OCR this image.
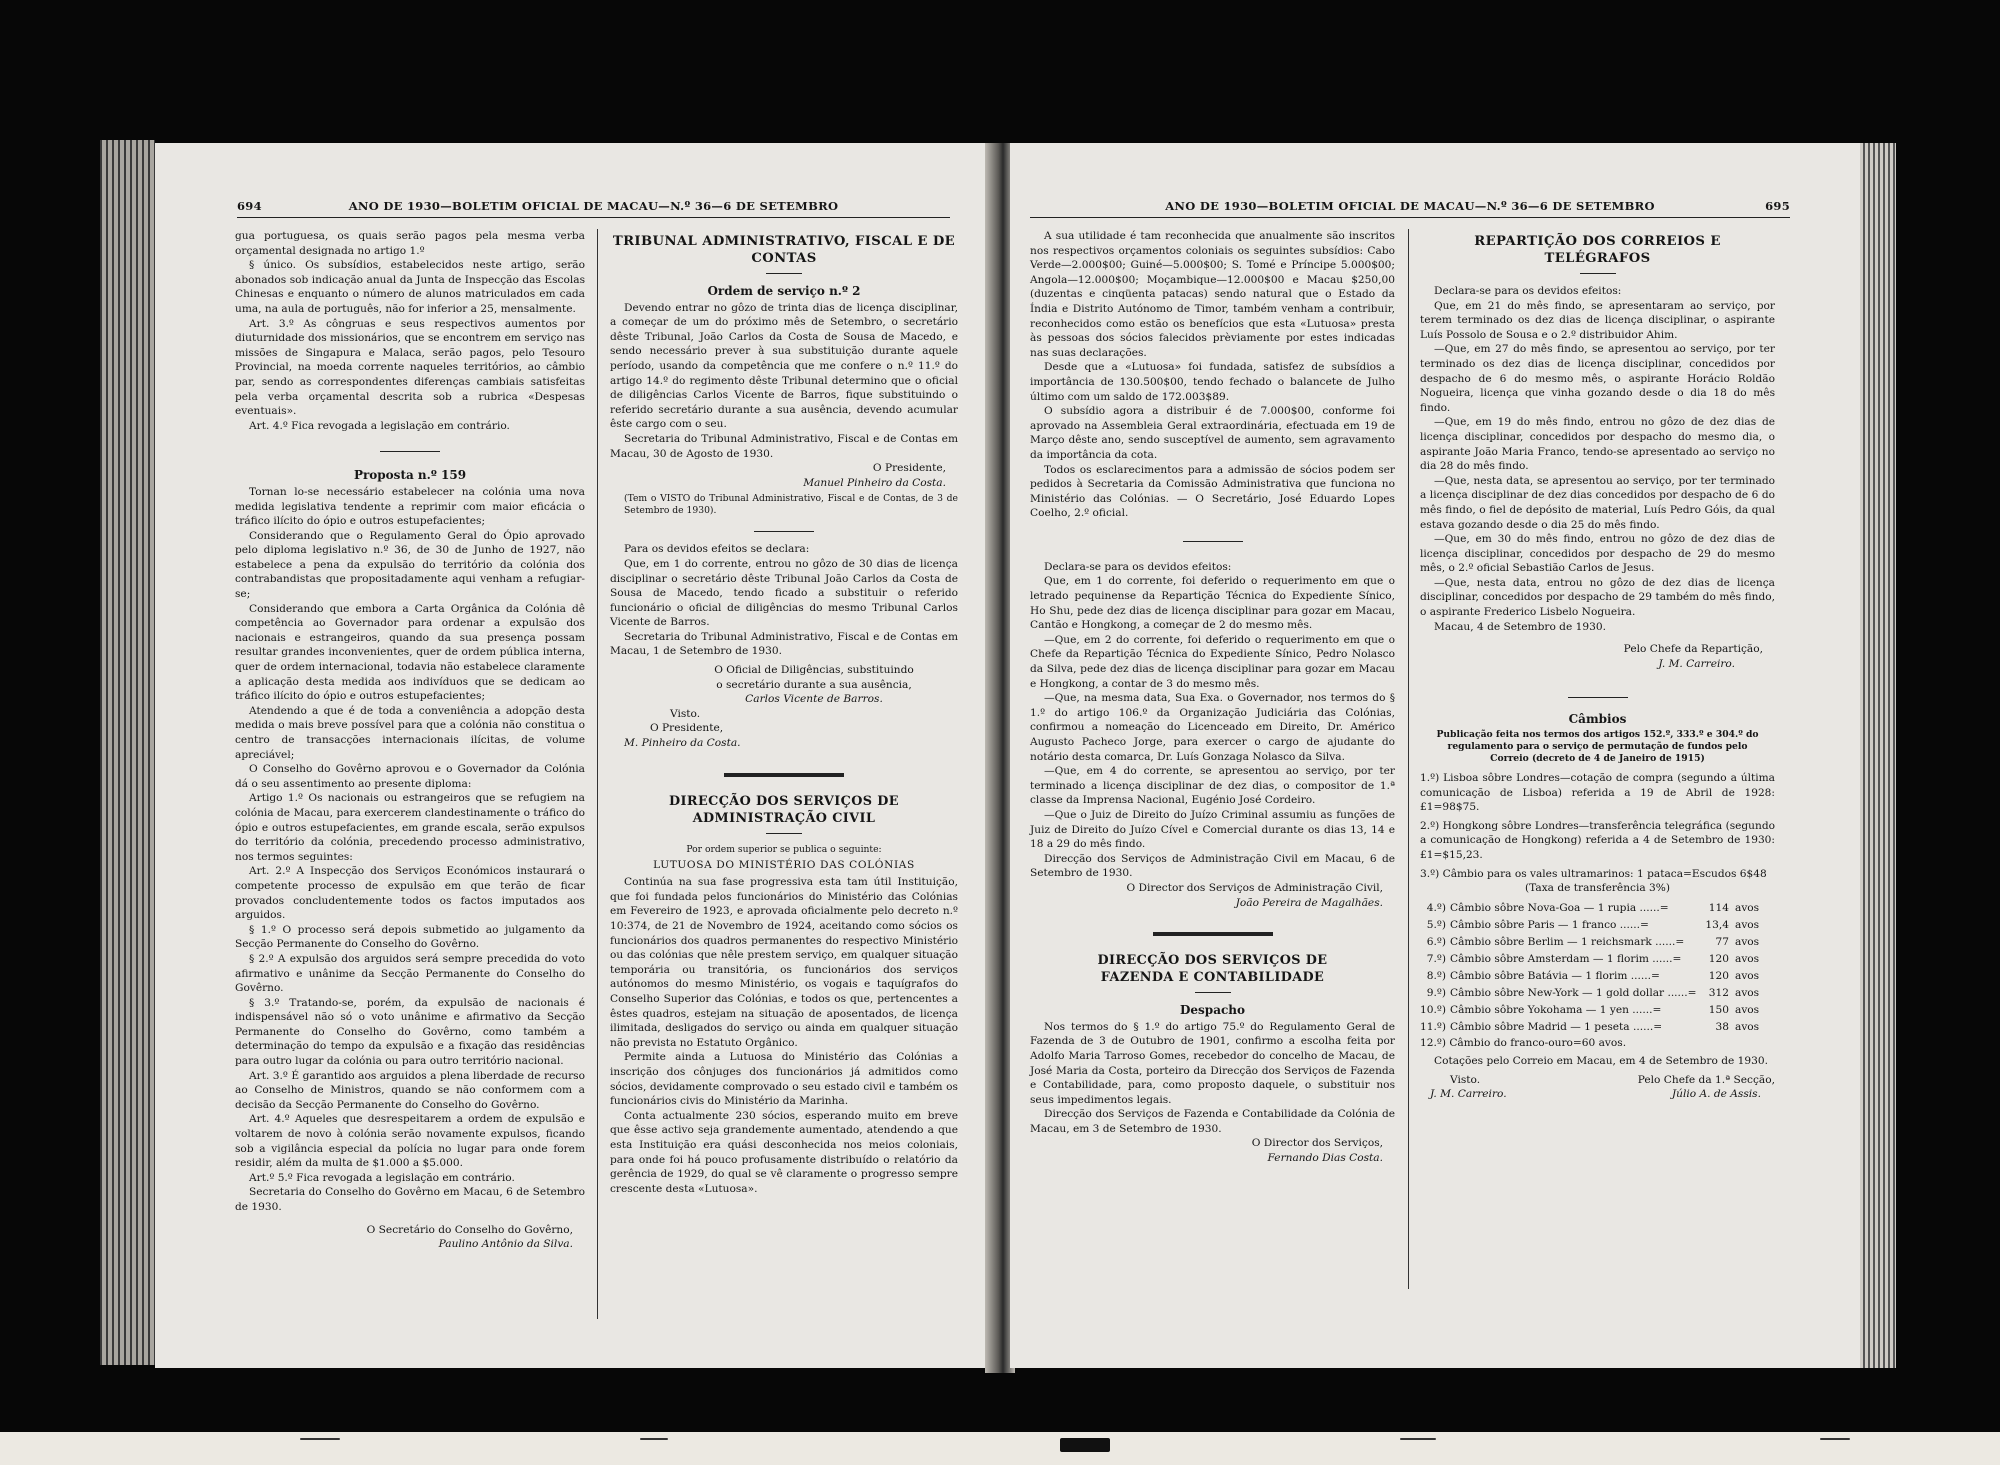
694	ANO DE 1930—BOLETIM OFICIAL DE MACAU—N.º 36—6 DE SETEMBRO

gua portuguesa, os quais serão pagos pela mesma verba orçamental designada no artigo 1.º

§ único. Os subsídios, estabelecidos neste artigo, serão abonados sob indicação anual da Junta de Inspecção das Escolas Chinesas e enquanto o número de alunos matriculados em cada uma, na aula de português, não for inferior a 25, mensalmente.

Art. 3.º As côngruas e seus respectivos aumentos por diuturnidade dos missionários, que se encontrem em serviço nas missões de Singapura e Malaca, serão pagos, pelo Tesouro Provincial, na moeda corrente naqueles territórios, ao câmbio par, sendo as correspondentes diferenças cambiais satisfeitas pela verba orçamental descrita sob a rubrica «Despesas eventuais».

Art. 4.º Fica revogada a legislação em contrário.

Proposta n.º 159

Tornan lo-se necessário estabelecer na colónia uma nova medida legislativa tendente a reprimir com maior eficácia o tráfico ilícito do ópio e outros estupefacientes;

Considerando que o Regulamento Geral do Ópio aprovado pelo diploma legislativo n.º 36, de 30 de Junho de 1927, não estabelece a pena da expulsão do território da colónia dos contrabandistas que propositadamente aqui venham a refugiar-se;

Considerando que embora a Carta Orgânica da Colónia dê competência ao Governador para ordenar a expulsão dos nacionais e estrangeiros, quando da sua presença possam resultar grandes inconvenientes, quer de ordem pública interna, quer de ordem internacional, todavia não estabelece claramente a aplicação desta medida aos indivíduos que se dedicam ao tráfico ilícito do ópio e outros estupefacientes;

Atendendo a que é de toda a conveniência a adopção desta medida o mais breve possível para que a colónia não constitua o centro de transacções internacionais ilícitas, de volume apreciável;

O Conselho do Govêrno aprovou e o Governador da Colónia dá o seu assentimento ao presente diploma:

Artigo 1.º Os nacionais ou estrangeiros que se refugiem na colónia de Macau, para exercerem clandestinamente o tráfico do ópio e outros estupefacientes, em grande escala, serão expulsos do território da colónia, precedendo processo administrativo, nos termos seguintes:

Art. 2.º A Inspecção dos Serviços Económicos instaurará o competente processo de expulsão em que terão de ficar provados concludentemente todos os factos imputados aos arguidos.

§ 1.º O processo será depois submetido ao julgamento da Secção Permanente do Conselho do Govêrno.

§ 2.º A expulsão dos arguidos será sempre precedida do voto afirmativo e unânime da Secção Permanente do Conselho do Govêrno.

§ 3.º Tratando-se, porém, da expulsão de nacionais é indispensável não só o voto unânime e afirmativo da Secção Permanente do Conselho do Govêrno, como também a determinação do tempo da expulsão e a fixação das residências para outro lugar da colónia ou para outro território nacional.

Art. 3.º É garantido aos arguidos a plena liberdade de recurso ao Conselho de Ministros, quando se não conformem com a decisão da Secção Permanente do Conselho do Govêrno.

Art. 4.º Aqueles que desrespeitarem a ordem de expulsão e voltarem de novo à colónia serão novamente expulsos, ficando sob a vigilância especial da polícia no lugar para onde forem residir, além da multa de $1.000 a $5.000.

Art.º 5.º Fica revogada a legislação em contrário.

Secretaria do Conselho do Govêrno em Macau, 6 de Setembro de 1930.

O Secretário do Conselho do Govêrno,

Paulino Antônio da Silva.

TRIBUNAL ADMINISTRATIVO, FISCAL E DE CONTAS

Ordem de serviço n.º 2

Devendo entrar no gôzo de trinta dias de licença disciplinar, a começar de um do próximo mês de Setembro, o secretário dêste Tribunal, João Carlos da Costa de Sousa de Macedo, e sendo necessário prever à sua substituição durante aquele período, usando da competência que me confere o n.º 11.º do artigo 14.º do regimento dêste Tribunal determino que o oficial de diligências Carlos Vicente de Barros, fique substituindo o referido secretário durante a sua ausência, devendo acumular êste cargo com o seu.

Secretaria do Tribunal Administrativo, Fiscal e de Contas em Macau, 30 de Agosto de 1930.

O Presidente,

Manuel Pinheiro da Costa.

(Tem o VISTO do Tribunal Administrativo, Fiscal e de Contas, de 3 de Setembro de 1930).

Para os devidos efeitos se declara:

Que, em 1 do corrente, entrou no gôzo de 30 dias de licença disciplinar o secretário dêste Tribunal João Carlos da Costa de Sousa de Macedo, tendo ficado a substituir o referido funcionário o oficial de diligências do mesmo Tribunal Carlos Vicente de Barros.

Secretaria do Tribunal Administrativo, Fiscal e de Contas em Macau, 1 de Setembro de 1930.

O Oficial de Diligências, substituindo

o secretário durante a sua ausência,

Carlos Vicente de Barros.

Visto.

O Presidente,

M. Pinheiro da Costa.

DIRECÇÃO DOS SERVIÇOS DE ADMINISTRAÇÃO CIVIL

Por ordem superior se publica o seguinte:

LUTUOSA DO MINISTÉRIO DAS COLÓNIAS

Continúa na sua fase progressiva esta tam útil Instituição, que foi fundada pelos funcionários do Ministério das Colónias em Fevereiro de 1923, e aprovada oficialmente pelo decreto n.º 10:374, de 21 de Novembro de 1924, aceitando como sócios os funcionários dos quadros permanentes do respectivo Ministério ou das colónias que nêle prestem serviço, em qualquer situação temporária ou transitória, os funcionários dos serviços autónomos do mesmo Ministério, os vogais e taquígrafos do Conselho Superior das Colónias, e todos os que, pertencentes a êstes quadros, estejam na situação de aposentados, de licença ilimitada, desligados do serviço ou ainda em qualquer situação não prevista no Estatuto Orgânico.

Permite ainda a Lutuosa do Ministério das Colónias a inscrição dos cônjuges dos funcionários já admitidos como sócios, devidamente comprovado o seu estado civil e também os funcionários civis do Ministério da Marinha.

Conta actualmente 230 sócios, esperando muito em breve que êsse activo seja grandemente aumentado, atendendo a que esta Instituição era quási desconhecida nos meios coloniais, para onde foi há pouco profusamente distribuído o relatório da gerência de 1929, do qual se vê claramente o progresso sempre crescente desta «Lutuosa».

ANO DE 1930—BOLETIM OFICIAL DE MACAU—N.º 36—6 DE SETEMBRO	695

A sua utilidade é tam reconhecida que anualmente são inscritos nos respectivos orçamentos coloniais os seguintes subsídios: Cabo Verde—2.000$00; Guiné—5.000$00; S. Tomé e Príncipe 5.000$00; Angola—12.000$00; Moçambique—12.000$00 e Macau $250,00 (duzentas e cinqüenta patacas) sendo natural que o Estado da Índia e Distrito Autónomo de Timor, também venham a contribuir, reconhecidos como estão os benefícios que esta «Lutuosa» presta às pessoas dos sócios falecidos prèviamente por estes indicadas nas suas declarações.

Desde que a «Lutuosa» foi fundada, satisfez de subsídios a importância de 130.500$00, tendo fechado o balancete de Julho último com um saldo de 172.003$89.

O subsídio agora a distribuir é de 7.000$00, conforme foi aprovado na Assembleia Geral extraordinária, efectuada em 19 de Março dêste ano, sendo susceptível de aumento, sem agravamento da importância da cota.

Todos os esclarecimentos para a admissão de sócios podem ser pedidos à Secretaria da Comissão Administrativa que funciona no Ministério das Colónias. — O Secretário, José Eduardo Lopes Coelho, 2.º oficial.

Declara-se para os devidos efeitos:

Que, em 1 do corrente, foi deferido o requerimento em que o letrado pequinense da Repartição Técnica do Expediente Sínico, Ho Shu, pede dez dias de licença disciplinar para gozar em Macau, Cantão e Hongkong, a começar de 2 do mesmo mês.

—Que, em 2 do corrente, foi deferido o requerimento em que o Chefe da Repartição Técnica do Expediente Sínico, Pedro Nolasco da Silva, pede dez dias de licença disciplinar para gozar em Macau e Hongkong, a contar de 3 do mesmo mês.

—Que, na mesma data, Sua Exa. o Governador, nos termos do § 1.º do artigo 106.º da Organização Judiciária das Colónias, confirmou a nomeação do Licenceado em Direito, Dr. Américo Augusto Pacheco Jorge, para exercer o cargo de ajudante do notário desta comarca, Dr. Luís Gonzaga Nolasco da Silva.

—Que, em 4 do corrente, se apresentou ao serviço, por ter terminado a licença disciplinar de dez dias, o compositor de 1.ª classe da Imprensa Nacional, Eugénio José Cordeiro.

—Que o Juiz de Direito do Juízo Criminal assumiu as funções de Juiz de Direito do Juízo Cível e Comercial durante os dias 13, 14 e 18 a 29 do mês findo.

Direcção dos Serviços de Administração Civil em Macau, 6 de Setembro de 1930.

O Director dos Serviços de Administração Civil,

João Pereira de Magalhães.

DIRECÇÃO DOS SERVIÇOS DE FAZENDA E CONTABILIDADE

Despacho

Nos termos do § 1.º do artigo 75.º do Regulamento Geral de Fazenda de 3 de Outubro de 1901, confirmo a escolha feita por Adolfo Maria Tarroso Gomes, recebedor do concelho de Macau, de José Maria da Costa, porteiro da Direcção dos Serviços de Fazenda e Contabilidade, para, como proposto daquele, o substituir nos seus impedimentos legais.

Direcção dos Serviços de Fazenda e Contabilidade da Colónia de Macau, em 3 de Setembro de 1930.

O Director dos Serviços,

Fernando Dias Costa.

REPARTIÇÃO DOS CORREIOS E TELÉGRAFOS

Declara-se para os devidos efeitos:

Que, em 21 do mês findo, se apresentaram ao serviço, por terem terminado os dez dias de licença disciplinar, o aspirante Luís Possolo de Sousa e o 2.º distribuidor Ahim.

—Que, em 27 do mês findo, se apresentou ao serviço, por ter terminado os dez dias de licença disciplinar, concedidos por despacho de 6 do mesmo mês, o aspirante Horácio Roldão Nogueira, licença que vinha gozando desde o dia 18 do mês findo.

—Que, em 19 do mês findo, entrou no gôzo de dez dias de licença disciplinar, concedidos por despacho do mesmo dia, o aspirante João Maria Franco, tendo-se apresentado ao serviço no dia 28 do mês findo.

—Que, nesta data, se apresentou ao serviço, por ter terminado a licença disciplinar de dez dias concedidos por despacho de 6 do mês findo, o fiel de depósito de material, Luís Pedro Góis, da qual estava gozando desde o dia 25 do mês findo.

—Que, em 30 do mês findo, entrou no gôzo de dez dias de licença disciplinar, concedidos por despacho de 29 do mesmo mês, o 2.º oficial Sebastião Carlos de Jesus.

—Que, nesta data, entrou no gôzo de dez dias de licença disciplinar, concedidos por despacho de 29 também do mês findo, o aspirante Frederico Lisbelo Nogueira.

Macau, 4 de Setembro de 1930.

Pelo Chefe da Repartição,

J. M. Carreiro.

Câmbios

Publicação feita nos termos dos artigos 152.º, 333.º e 304.º do regulamento para o serviço de permutação de fundos pelo Correio (decreto de 4 de Janeiro de 1915)

1.º) Lisboa sôbre Londres—cotação de compra (segundo a última comunicação de Lisboa) referida a 19 de Abril de 1928: £1=98$75.

2.º) Hongkong sôbre Londres—transferência telegráfica (segundo a comunicação de Hongkong) referida a 4 de Setembro de 1930: £1=$15,23.

3.º) Câmbio para os vales ultramarinos: 1 pataca=Escudos 6$48

(Taxa de transferência 3%)

4.º)	Câmbio sôbre Nova-Goa — 1 rupia ......=	114	avos
5.º)	Câmbio sôbre Paris — 1 franco ......=	13,4	avos
6.º)	Câmbio sôbre Berlim — 1 reichsmark ......=	77	avos
7.º)	Câmbio sôbre Amsterdam — 1 florim ......=	120	avos
8.º)	Câmbio sôbre Batávia — 1 florim ......=	120	avos
9.º)	Câmbio sôbre New-York — 1 gold dollar ......=	312	avos
10.º)	Câmbio sôbre Yokohama — 1 yen ......=	150	avos
11.º)	Câmbio sôbre Madrid — 1 peseta ......=	38	avos

12.º) Câmbio do franco-ouro=60 avos.

Cotações pelo Correio em Macau, em 4 de Setembro de 1930.

Visto.
J. M. Carreiro.
Pelo Chefe da 1.ª Secção,
Júlio A. de Assis.
